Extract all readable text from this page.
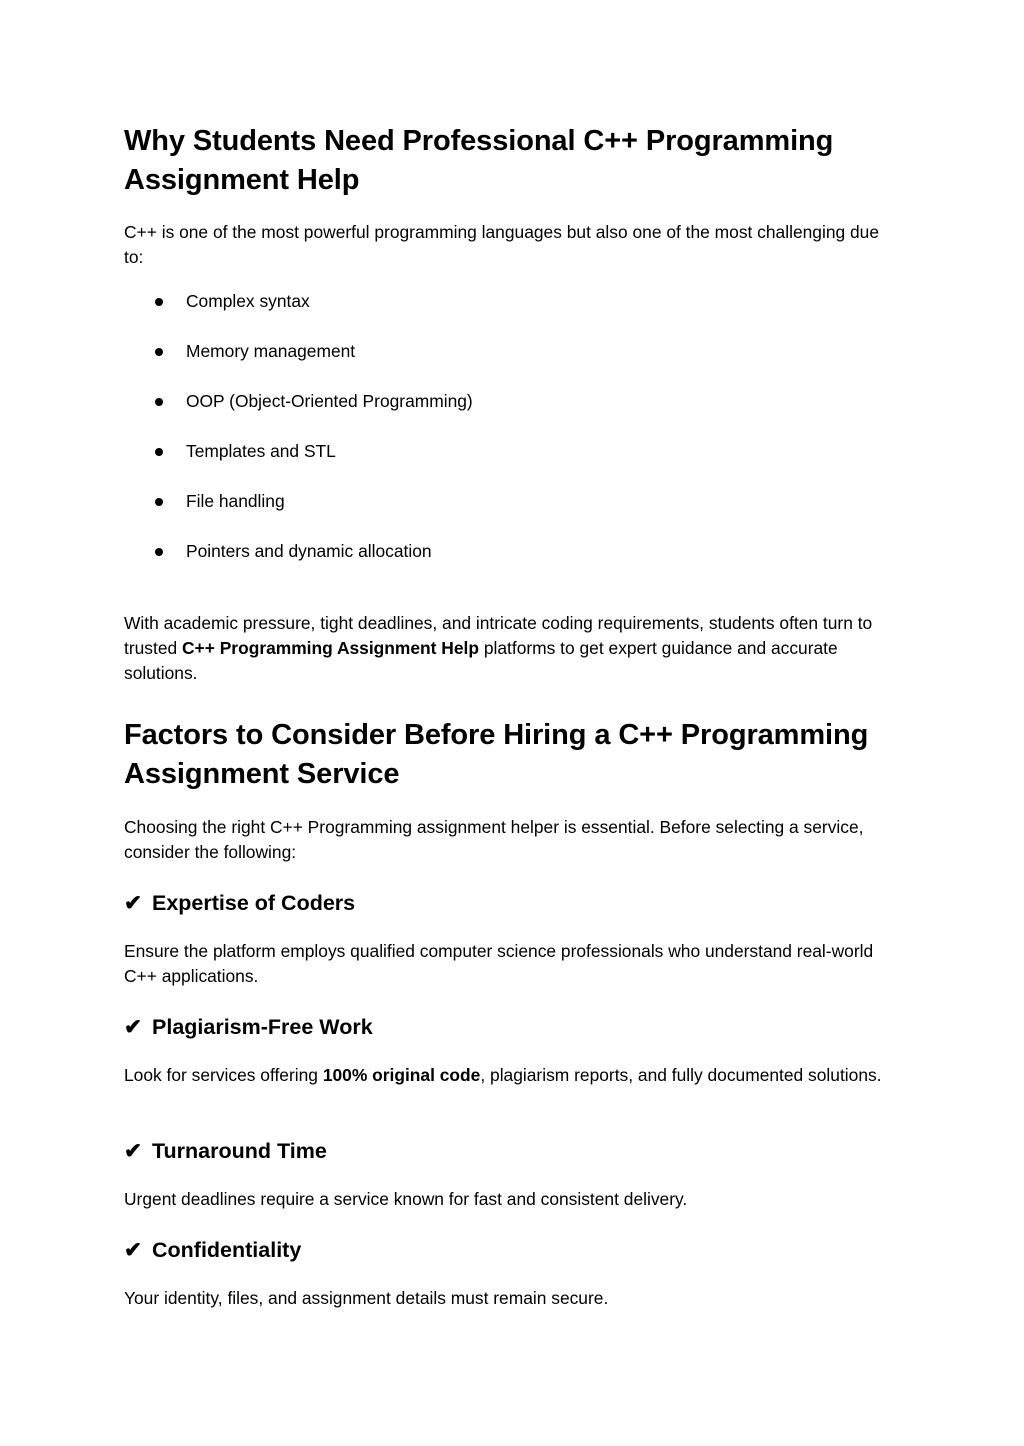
Why Students Need Professional C++ Programming
Assignment Help

C++ is one of the most powerful programming languages but also one of the most challenging due to:

Complex syntax
Memory management
OOP (Object-Oriented Programming)
Templates and STL
File handling
Pointers and dynamic allocation

With academic pressure, tight deadlines, and intricate coding requirements, students often turn to trusted C++ Programming Assignment Help platforms to get expert guidance and accurate solutions.

Factors to Consider Before Hiring a C++ Programming
Assignment Service

Choosing the right C++ Programming assignment helper is essential. Before selecting a service, consider the following:

✔ Expertise of Coders

Ensure the platform employs qualified computer science professionals who understand real-world C++ applications.

✔ Plagiarism-Free Work

Look for services offering 100% original code, plagiarism reports, and fully documented solutions.

✔ Turnaround Time

Urgent deadlines require a service known for fast and consistent delivery.

✔ Confidentiality

Your identity, files, and assignment details must remain secure.
